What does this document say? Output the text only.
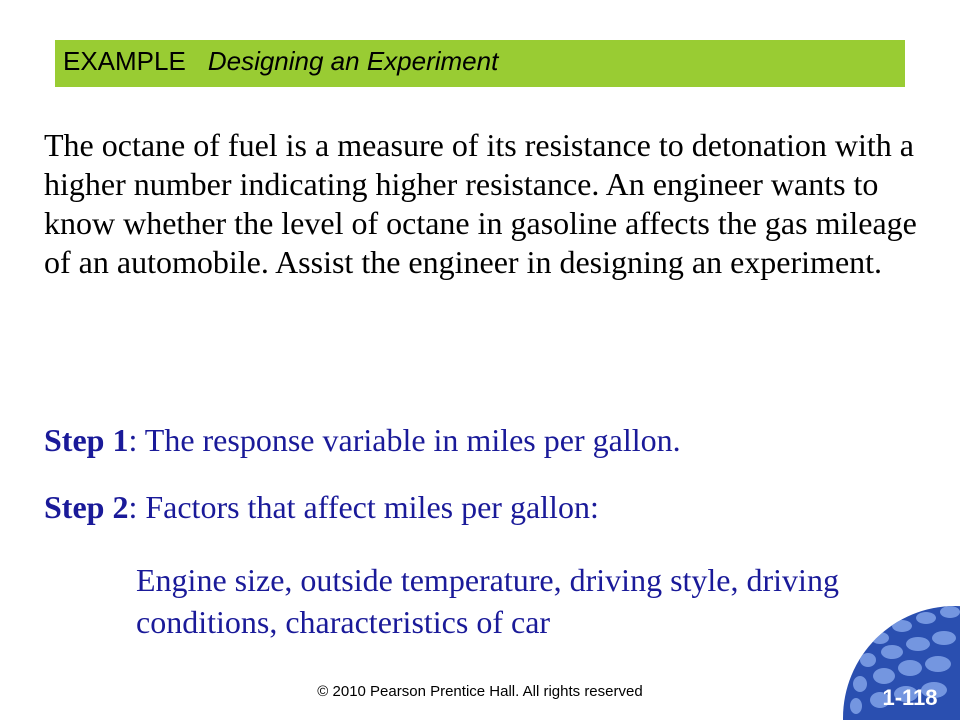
EXAMPLE Designing an Experiment

The octane of fuel is a measure of its resistance to detonation with a higher number indicating higher resistance. An engineer wants to know whether the level of octane in gasoline affects the gas mileage of an automobile. Assist the engineer in designing an experiment.

Step 1: The response variable in miles per gallon.

Step 2: Factors that affect miles per gallon:

Engine size, outside temperature, driving style, driving conditions, characteristics of car

© 2010 Pearson Prentice Hall. All rights reserved	1-118
